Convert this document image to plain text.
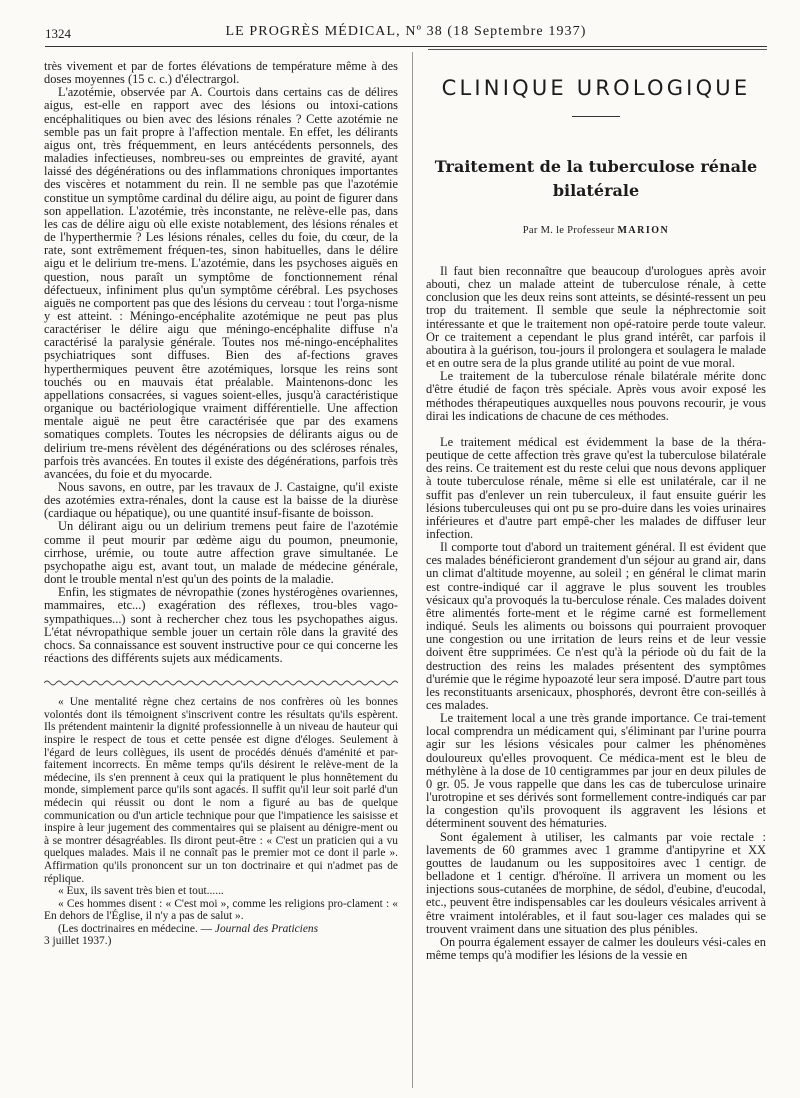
1324	LE PROGRÈS MÉDICAL, Nº 38 (18 Septembre 1937)

très vivement et par de fortes élévations de température même à des doses moyennes (15 c. c.) d'électrargol.

L'azotémie, observée par A. Courtois dans certains cas de délires aigus, est-elle en rapport avec des lésions ou intoxi-cations encéphalitiques ou bien avec des lésions rénales ? Cette azotémie ne semble pas un fait propre à l'affection mentale. En effet, les délirants aigus ont, très fréquemment, en leurs antécédents personnels, des maladies infectieuses, nombreu-ses ou empreintes de gravité, ayant laissé des dégénérations ou des inflammations chroniques importantes des viscères et notamment du rein. Il ne semble pas que l'azotémie constitue un symptôme cardinal du délire aigu, au point de figurer dans son appellation. L'azotémie, très inconstante, ne relève-elle pas, dans les cas de délire aigu où elle existe notablement, des lésions rénales et de l'hyperthermie ? Les lésions rénales, celles du foie, du cœur, de la rate, sont extrêmement fréquen-tes, sinon habituelles, dans le délire aigu et le delirium tre-mens. L'azotémie, dans les psychoses aiguës en question, nous paraît un symptôme de fonctionnement rénal défectueux, infiniment plus qu'un symptôme cérébral. Les psychoses aiguës ne comportent pas que des lésions du cerveau : tout l'orga-nisme y est atteint. : Méningo-encéphalite azotémique ne peut pas plus caractériser le délire aigu que méningo-encéphalite diffuse n'a caractérisé la paralysie générale. Toutes nos mé-ningo-encéphalites psychiatriques sont diffuses. Bien des af-fections graves hyperthermiques peuvent être azotémiques, lorsque les reins sont touchés ou en mauvais état préalable. Maintenons-donc les appellations consacrées, si vagues soient-elles, jusqu'à caractéristique organique ou bactériologique vraiment différentielle. Une affection mentale aiguë ne peut être caractérisée que par des examens somatiques complets. Toutes les nécropsies de délirants aigus ou de delirium tre-mens révèlent des dégénérations ou des scléroses rénales, parfois très avancées. En toutes il existe des dégénérations, parfois très avancées, du foie et du myocarde.

Nous savons, en outre, par les travaux de J. Castaigne, qu'il existe des azotémies extra-rénales, dont la cause est la baisse de la diurèse (cardiaque ou hépatique), ou une quantité insuf-fisante de boisson.

Un délirant aigu ou un delirium tremens peut faire de l'azotémie comme il peut mourir par œdème aigu du poumon, pneumonie, cirrhose, urémie, ou toute autre affection grave simultanée. Le psychopathe aigu est, avant tout, un malade de médecine générale, dont le trouble mental n'est qu'un des points de la maladie.

Enfin, les stigmates de névropathie (zones hystérogènes ovariennes, mammaires, etc...) exagération des réflexes, trou-bles vago-sympathiques...) sont à rechercher chez tous les psychopathes aigus. L'état névropathique semble jouer un certain rôle dans la gravité des chocs. Sa connaissance est souvent instructive pour ce qui concerne les réactions des différents sujets aux médicaments.

« Une mentalité règne chez certains de nos confrères où les bonnes volontés dont ils témoignent s'inscrivent contre les résultats qu'ils espèrent. Ils prétendent maintenir la dignité professionnelle à un niveau de hauteur qui inspire le respect de tous et cette pensée est digne d'éloges. Seulement à l'égard de leurs collègues, ils usent de procédés dénués d'aménité et par-faitement incorrects. En même temps qu'ils désirent le relève-ment de la médecine, ils s'en prennent à ceux qui la pratiquent le plus honnêtement du monde, simplement parce qu'ils sont agacés. Il suffit qu'il leur soit parlé d'un médecin qui réussit ou dont le nom a figuré au bas de quelque communication ou d'un article technique pour que l'impatience les saisisse et inspire à leur jugement des commentaires qui se plaisent au dénigre-ment ou à se montrer désagréables. Ils diront peut-être : « C'est un praticien qui a vu quelques malades. Mais il ne connaît pas le premier mot ce dont il parle ». Affirmation qu'ils prononcent sur un ton doctrinaire et qui n'admet pas de réplique.

« Eux, ils savent très bien et tout......

« Ces hommes disent : « C'est moi », comme les religions pro-clament : « En dehors de l'Église, il n'y a pas de salut ».

(Les doctrinaires en médecine. — Journal des Praticiens

3 juillet 1937.)

CLINIQUE UROLOGIQUE
Traitement de la tuberculose rénale
bilatérale
Par M. le Professeur MARION

Il faut bien reconnaître que beaucoup d'urologues après avoir abouti, chez un malade atteint de tuberculose rénale, à cette conclusion que les deux reins sont atteints, se désinté-ressent un peu trop du traitement. Il semble que seule la néphrectomie soit intéressante et que le traitement non opé-ratoire perde toute valeur. Or ce traitement a cependant le plus grand intérêt, car parfois il aboutira à la guérison, tou-jours il prolongera et soulagera le malade et en outre sera de la plus grande utilité au point de vue moral.

Le traitement de la tuberculose rénale bilatérale mérite donc d'être étudié de façon très spéciale. Après vous avoir exposé les méthodes thérapeutiques auxquelles nous pouvons recourir, je vous dirai les indications de chacune de ces méthodes.

Le traitement médical est évidemment la base de la théra-peutique de cette affection très grave qu'est la tuberculose bilatérale des reins. Ce traitement est du reste celui que nous devons appliquer à toute tuberculose rénale, même si elle est unilatérale, car il ne suffit pas d'enlever un rein tuberculeux, il faut ensuite guérir les lésions tuberculeuses qui ont pu se pro-duire dans les voies urinaires inférieures et d'autre part empê-cher les malades de diffuser leur infection.

Il comporte tout d'abord un traitement général. Il est évident que ces malades bénéficieront grandement d'un séjour au grand air, dans un climat d'altitude moyenne, au soleil ; en général le climat marin est contre-indiqué car il aggrave le plus souvent les troubles vésicaux qu'a provoqués la tu-berculose rénale. Ces malades doivent être alimentés forte-ment et le régime carné est formellement indiqué. Seuls les aliments ou boissons qui pourraient provoquer une congestion ou une irritation de leurs reins et de leur vessie doivent être supprimées. Ce n'est qu'à la période où du fait de la destruction des reins les malades présentent des symptômes d'urémie que le régime hypoazoté leur sera imposé. D'autre part tous les reconstituants arsenicaux, phosphorés, devront être con-seillés à ces malades.

Le traitement local a une très grande importance. Ce trai-tement local comprendra un médicament qui, s'éliminant par l'urine pourra agir sur les lésions vésicales pour calmer les phénomènes douloureux qu'elles provoquent. Ce médica-ment est le bleu de méthylène à la dose de 10 centigrammes par jour en deux pilules de 0 gr. 05. Je vous rappelle que dans les cas de tuberculose urinaire l'urotropine et ses dérivés sont formellement contre-indiqués car par la congestion qu'ils provoquent ils aggravent les lésions et déterminent souvent des hématuries.

Sont également à utiliser, les calmants par voie rectale : lavements de 60 grammes avec 1 gramme d'antipyrine et XX gouttes de laudanum ou les suppositoires avec 1 centigr. de belladone et 1 centigr. d'héroïne. Il arrivera un moment ou les injections sous-cutanées de morphine, de sédol, d'eubine, d'eucodal, etc., peuvent être indispensables car les douleurs vésicales arrivent à être vraiment intolérables, et il faut sou-lager ces malades qui se trouvent vraiment dans une situation des plus pénibles.

On pourra également essayer de calmer les douleurs vési-cales en même temps qu'à modifier les lésions de la vessie en
